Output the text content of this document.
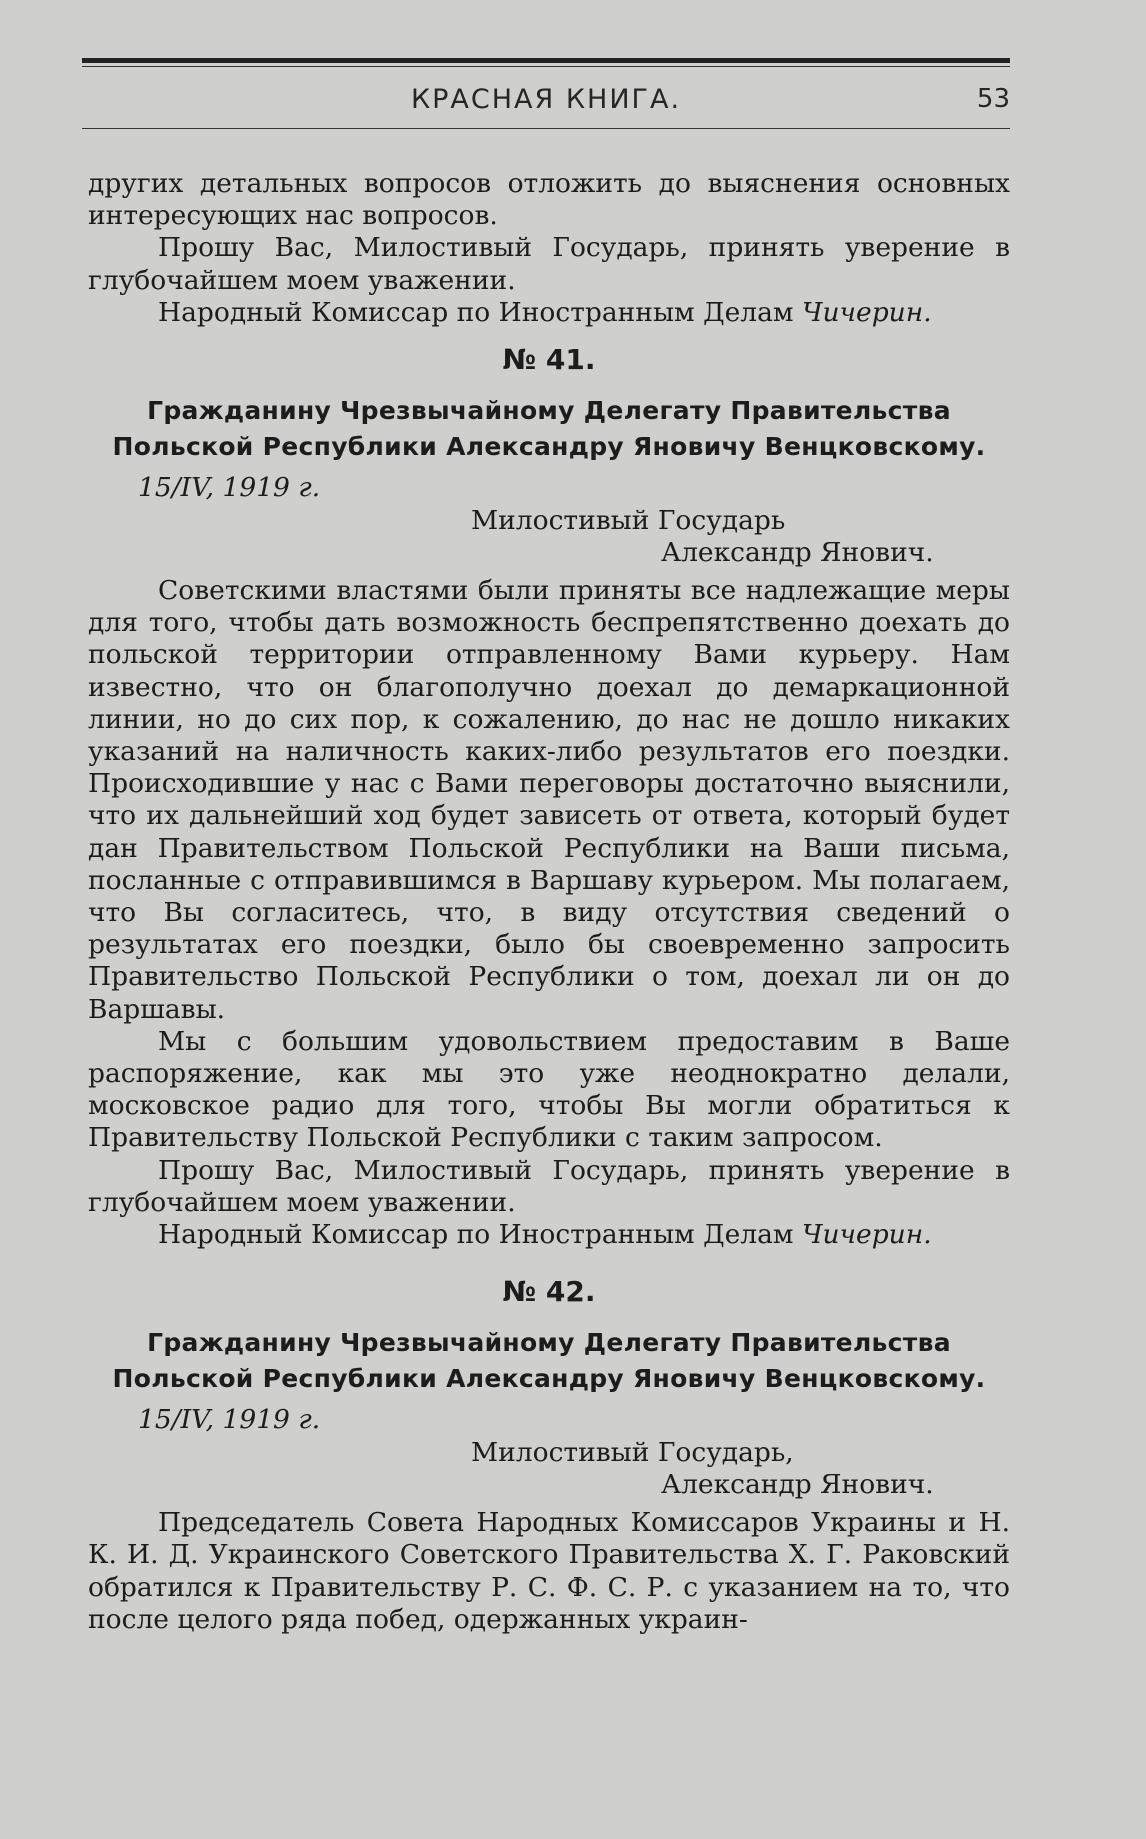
КРАСНАЯ КНИГА.	53

других детальных вопросов отложить до выяснения основных интересующих нас вопросов.

Прошу Вас, Милостивый Государь, принять уверение в глубочайшем моем уважении.

Народный Комиссар по Иностранным Делам Чичерин.

№ 41.

Гражданину Чрезвычайному Делегату Правительства Польской Республики Александру Яновичу Венцковскому.

15/IV, 1919 г.

Милостивый Государь

Александр Янович.

Советскими властями были приняты все надлежащие меры для того, чтобы дать возможность беспрепятственно доехать до польской территории отправленному Вами курьеру. Нам известно, что он благополучно доехал до демаркационной линии, но до сих пор, к сожалению, до нас не дошло никаких указаний на наличность каких-либо результатов его поездки. Происходившие у нас с Вами переговоры достаточно выяснили, что их дальнейший ход будет зависеть от ответа, который будет дан Правительством Польской Республики на Ваши письма, посланные с отправившимся в Варшаву курьером. Мы полагаем, что Вы согласитесь, что, в виду отсутствия сведений о результатах его поездки, было бы своевременно запросить Правительство Польской Республики о том, доехал ли он до Варшавы.

Мы с большим удовольствием предоставим в Ваше распоряжение, как мы это уже неоднократно делали, московское радио для того, чтобы Вы могли обратиться к Правительству Польской Республики с таким запросом.

Прошу Вас, Милостивый Государь, принять уверение в глубочайшем моем уважении.

Народный Комиссар по Иностранным Делам Чичерин.

№ 42.

Гражданину Чрезвычайному Делегату Правительства Польской Республики Александру Яновичу Венцковскому.

15/IV, 1919 г.

Милостивый Государь,

Александр Янович.

Председатель Совета Народных Комиссаров Украины и Н. К. И. Д. Украинского Советского Правительства Х. Г. Раковский обратился к Правительству Р. С. Ф. С. Р. с указанием на то, что после целого ряда побед, одержанных украин-
